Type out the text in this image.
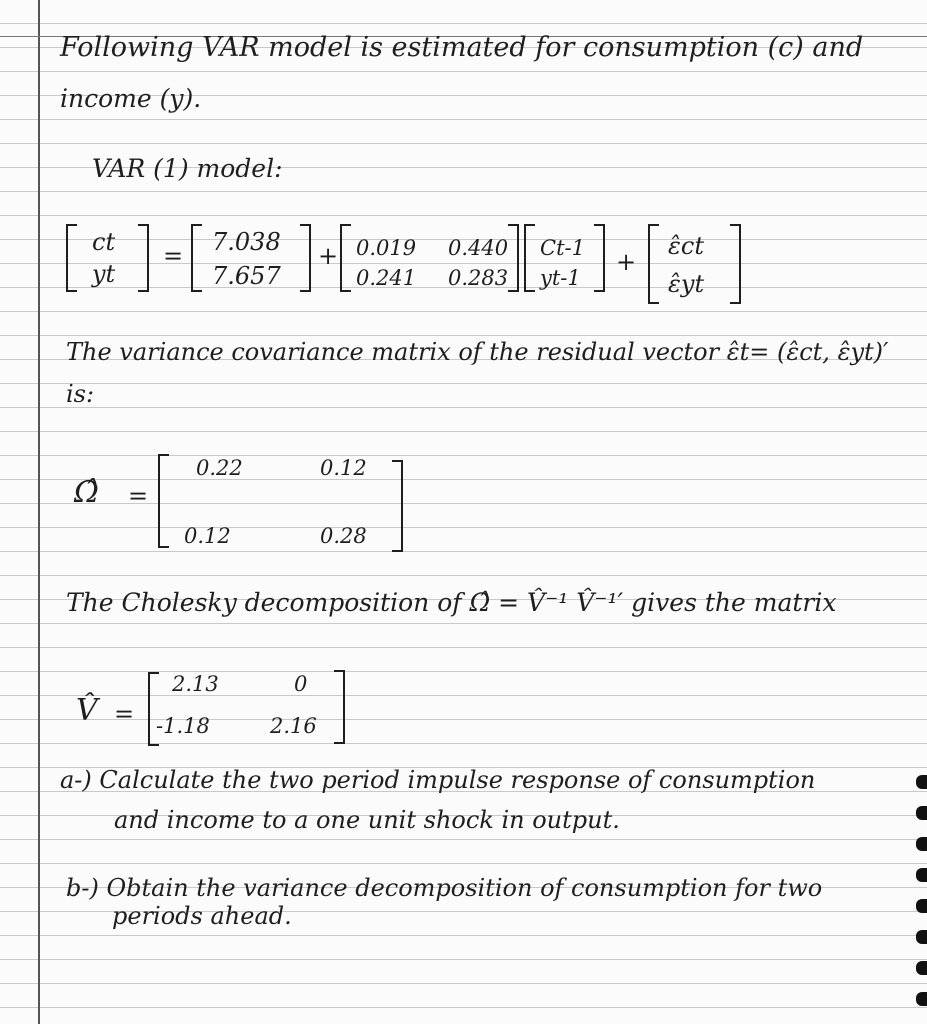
Following VAR model is estimated for consumption (c) and
income (y).
VAR (1) model:
ct
yt
= 7.038
7.657
+ 0.019 0.440
0.241 0.283
Ct-1
yt-1
+
ε̂ct
ε̂yt
The variance covariance matrix of the residual vector ε̂t= (ε̂ct, ε̂yt)′
is:
Ω̂ =
0.22	0.12
0.12	0.28
The Cholesky decomposition of Ω̂ = V̂⁻¹ V̂⁻¹′ gives the matrix
V̂ =
2.13	0
-1.18	2.16
a-) Calculate the two period impulse response of consumption
and income to a one unit shock in output.
b-) Obtain the variance decomposition of consumption for two
periods ahead.
